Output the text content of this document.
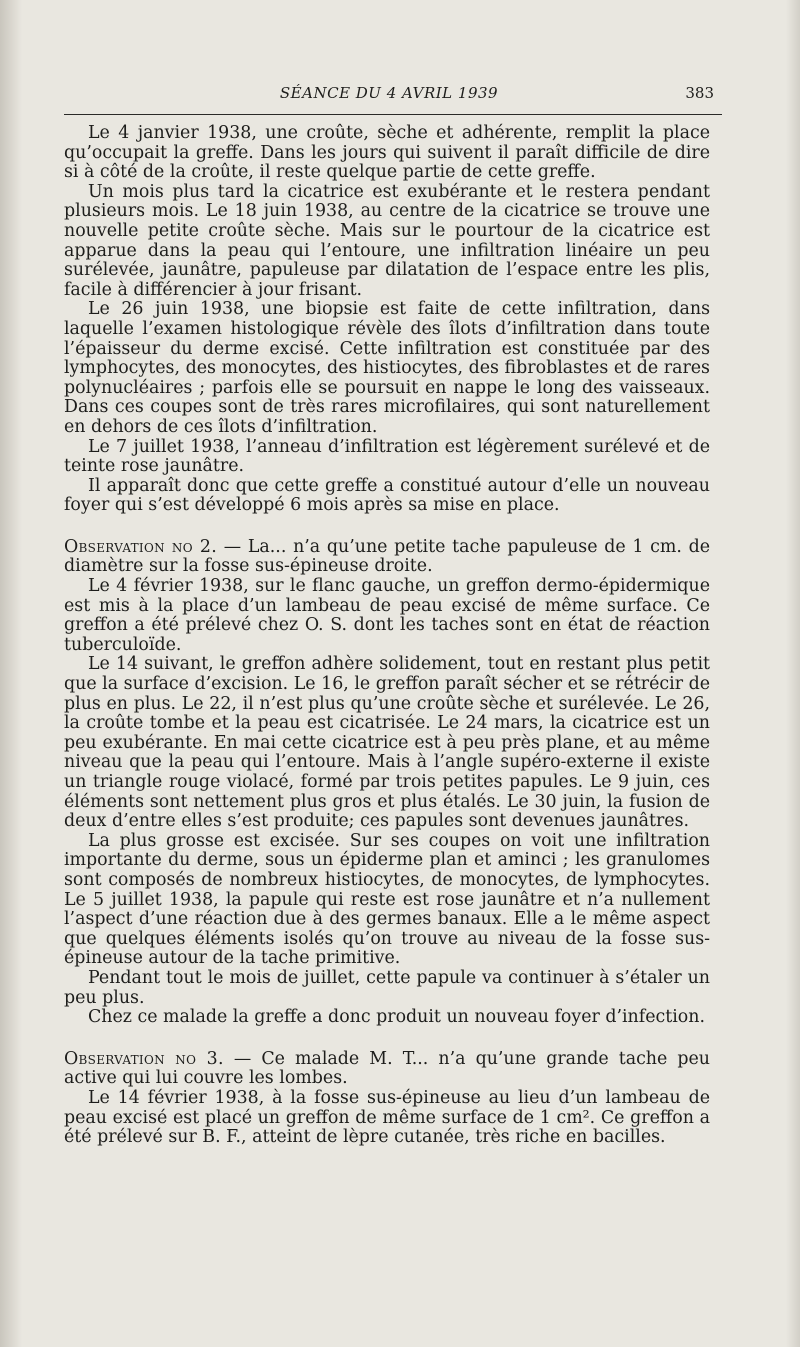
SÉANCE DU 4 AVRIL 1939	383

Le 4 janvier 1938, une croûte, sèche et adhérente, remplit la place qu’occupait la greffe. Dans les jours qui suivent il paraît difficile de dire si à côté de la croûte, il reste quelque partie de cette greffe.

Un mois plus tard la cicatrice est exubérante et le restera pendant plusieurs mois. Le 18 juin 1938, au centre de la cicatrice se trouve une nouvelle petite croûte sèche. Mais sur le pourtour de la cicatrice est apparue dans la peau qui l’entoure, une infiltration linéaire un peu surélevée, jaunâtre, papuleuse par dilatation de l’espace entre les plis, facile à différencier à jour frisant.

Le 26 juin 1938, une biopsie est faite de cette infiltration, dans laquelle l’examen histologique révèle des îlots d’infiltration dans toute l’épaisseur du derme excisé. Cette infiltration est constituée par des lymphocytes, des monocytes, des histiocytes, des fibroblastes et de rares polynucléaires ; parfois elle se poursuit en nappe le long des vaisseaux. Dans ces coupes sont de très rares microfilaires, qui sont naturellement en dehors de ces îlots d’infiltration.

Le 7 juillet 1938, l’anneau d’infiltration est légèrement surélevé et de teinte rose jaunâtre.

Il apparaît donc que cette greffe a constitué autour d’elle un nouveau foyer qui s’est développé 6 mois après sa mise en place.

Observation no 2. — La... n’a qu’une petite tache papuleuse de 1 cm. de diamètre sur la fosse sus-épineuse droite.

Le 4 février 1938, sur le flanc gauche, un greffon dermo-épidermique est mis à la place d’un lambeau de peau excisé de même surface. Ce greffon a été prélevé chez O. S. dont les taches sont en état de réaction tuberculoïde.

Le 14 suivant, le greffon adhère solidement, tout en restant plus petit que la surface d’excision. Le 16, le greffon paraît sécher et se rétrécir de plus en plus. Le 22, il n’est plus qu’une croûte sèche et surélevée. Le 26, la croûte tombe et la peau est cicatrisée. Le 24 mars, la cicatrice est un peu exubérante. En mai cette cicatrice est à peu près plane, et au même niveau que la peau qui l’entoure. Mais à l’angle supéro-externe il existe un triangle rouge violacé, formé par trois petites papules. Le 9 juin, ces éléments sont nettement plus gros et plus étalés. Le 30 juin, la fusion de deux d’entre elles s’est produite; ces papules sont devenues jaunâtres.

La plus grosse est excisée. Sur ses coupes on voit une infiltration importante du derme, sous un épiderme plan et aminci ; les granulomes sont composés de nombreux histiocytes, de monocytes, de lymphocytes. Le 5 juillet 1938, la papule qui reste est rose jaunâtre et n’a nullement l’aspect d’une réaction due à des germes banaux. Elle a le même aspect que quelques éléments isolés qu’on trouve au niveau de la fosse sus-épineuse autour de la tache primitive.

Pendant tout le mois de juillet, cette papule va continuer à s’étaler un peu plus.

Chez ce malade la greffe a donc produit un nouveau foyer d’infection.

Observation no 3. — Ce malade M. T... n’a qu’une grande tache peu active qui lui couvre les lombes.

Le 14 février 1938, à la fosse sus-épineuse au lieu d’un lambeau de peau excisé est placé un greffon de même surface de 1 cm². Ce greffon a été prélevé sur B. F., atteint de lèpre cutanée, très riche en bacilles.
